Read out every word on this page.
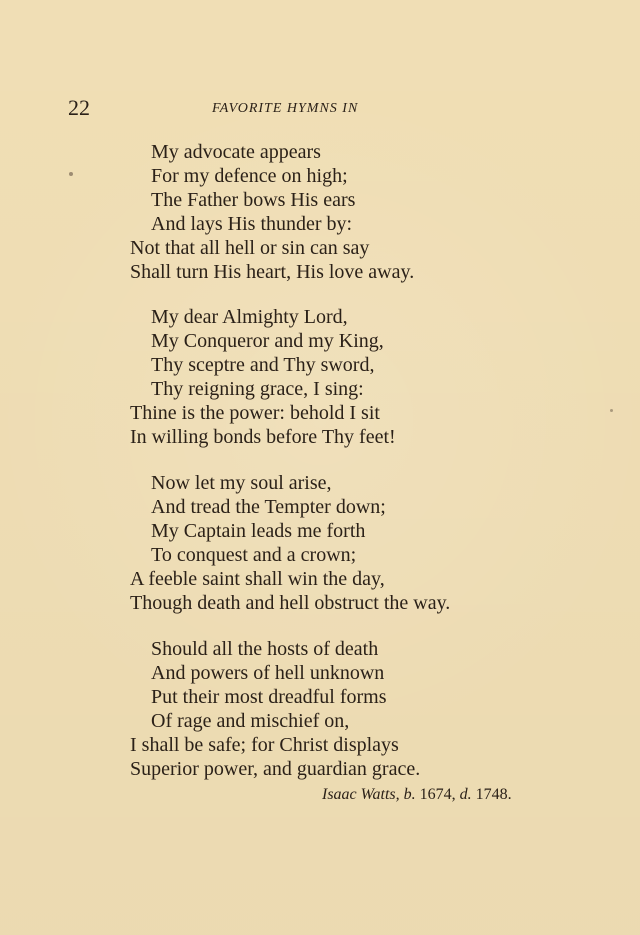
22	FAVORITE HYMNS IN
My advocate appears
For my defence on high;
The Father bows His ears
And lays His thunder by:
Not that all hell or sin can say
Shall turn His heart, His love away.
My dear Almighty Lord,
My Conqueror and my King,
Thy sceptre and Thy sword,
Thy reigning grace, I sing:
Thine is the power: behold I sit
In willing bonds before Thy feet!
Now let my soul arise,
And tread the Tempter down;
My Captain leads me forth
To conquest and a crown;
A feeble saint shall win the day,
Though death and hell obstruct the way.
Should all the hosts of death
And powers of hell unknown
Put their most dreadful forms
Of rage and mischief on,
I shall be safe; for Christ displays
Superior power, and guardian grace.
Isaac Watts, b. 1674, d. 1748.
